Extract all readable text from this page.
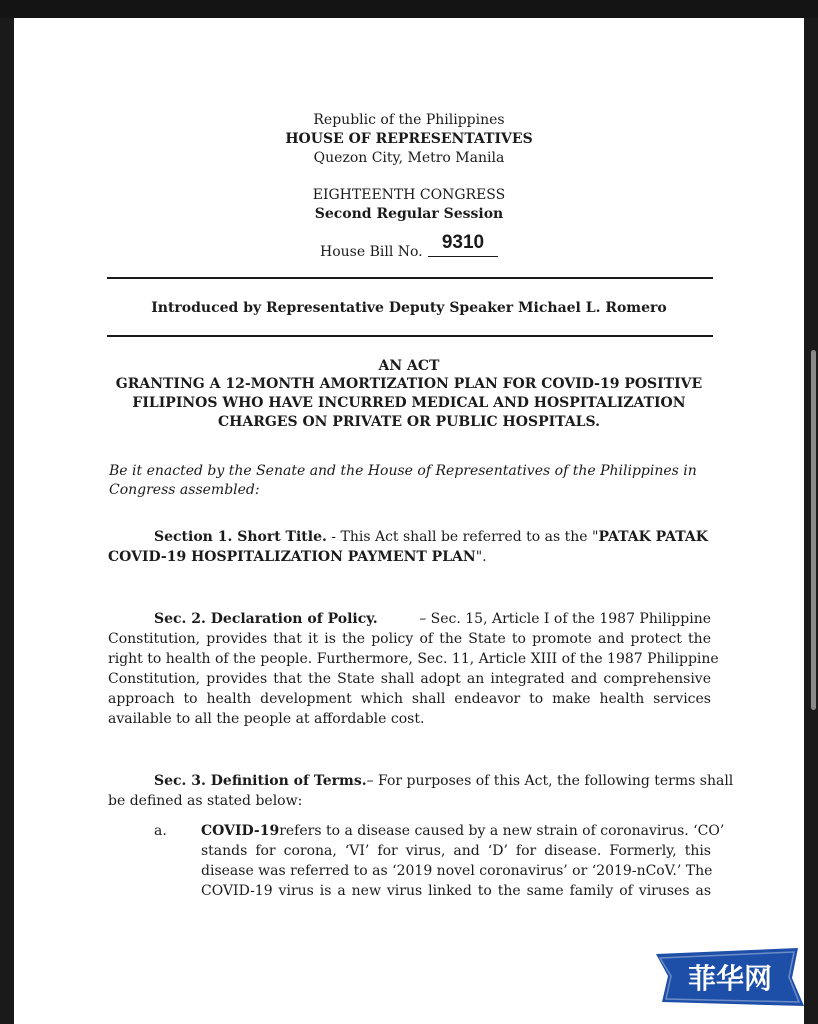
Republic of the Philippines
HOUSE OF REPRESENTATIVES
Quezon City, Metro Manila
EIGHTEENTH CONGRESS
Second Regular Session
House Bill No.	9310
Introduced by Representative Deputy Speaker Michael L. Romero
AN ACT
GRANTING A 12-MONTH AMORTIZATION PLAN FOR COVID-19 POSITIVE
FILIPINOS WHO HAVE INCURRED MEDICAL AND HOSPITALIZATION
CHARGES ON PRIVATE OR PUBLIC HOSPITALS.
Be it enacted by the Senate and the House of Representatives of the Philippines in
Congress assembled:
Section 1. Short Title. - This Act shall be referred to as the "PATAK PATAK
COVID-19 HOSPITALIZATION PAYMENT PLAN".
Sec. 2. Declaration of Policy.	– Sec. 15, Article I of the 1987 Philippine
Constitution, provides that it is the policy of the State to promote and protect the
right to health of the people. Furthermore, Sec. 11, Article XIII of the 1987 Philippine
Constitution, provides that the State shall adopt an integrated and comprehensive
approach to health development which shall endeavor to make health services
available to all the people at affordable cost.
Sec. 3. Definition of Terms. – For purposes of this Act, the following terms shall
be defined as stated below:
a. COVID-19 refers to a disease caused by a new strain of coronavirus. ‘CO’
stands for corona, ‘VI’ for virus, and ‘D’ for disease. Formerly, this
disease was referred to as ‘2019 novel coronavirus’ or ‘2019-nCoV.’ The
COVID-19 virus is a new virus linked to the same family of viruses as
菲华网
